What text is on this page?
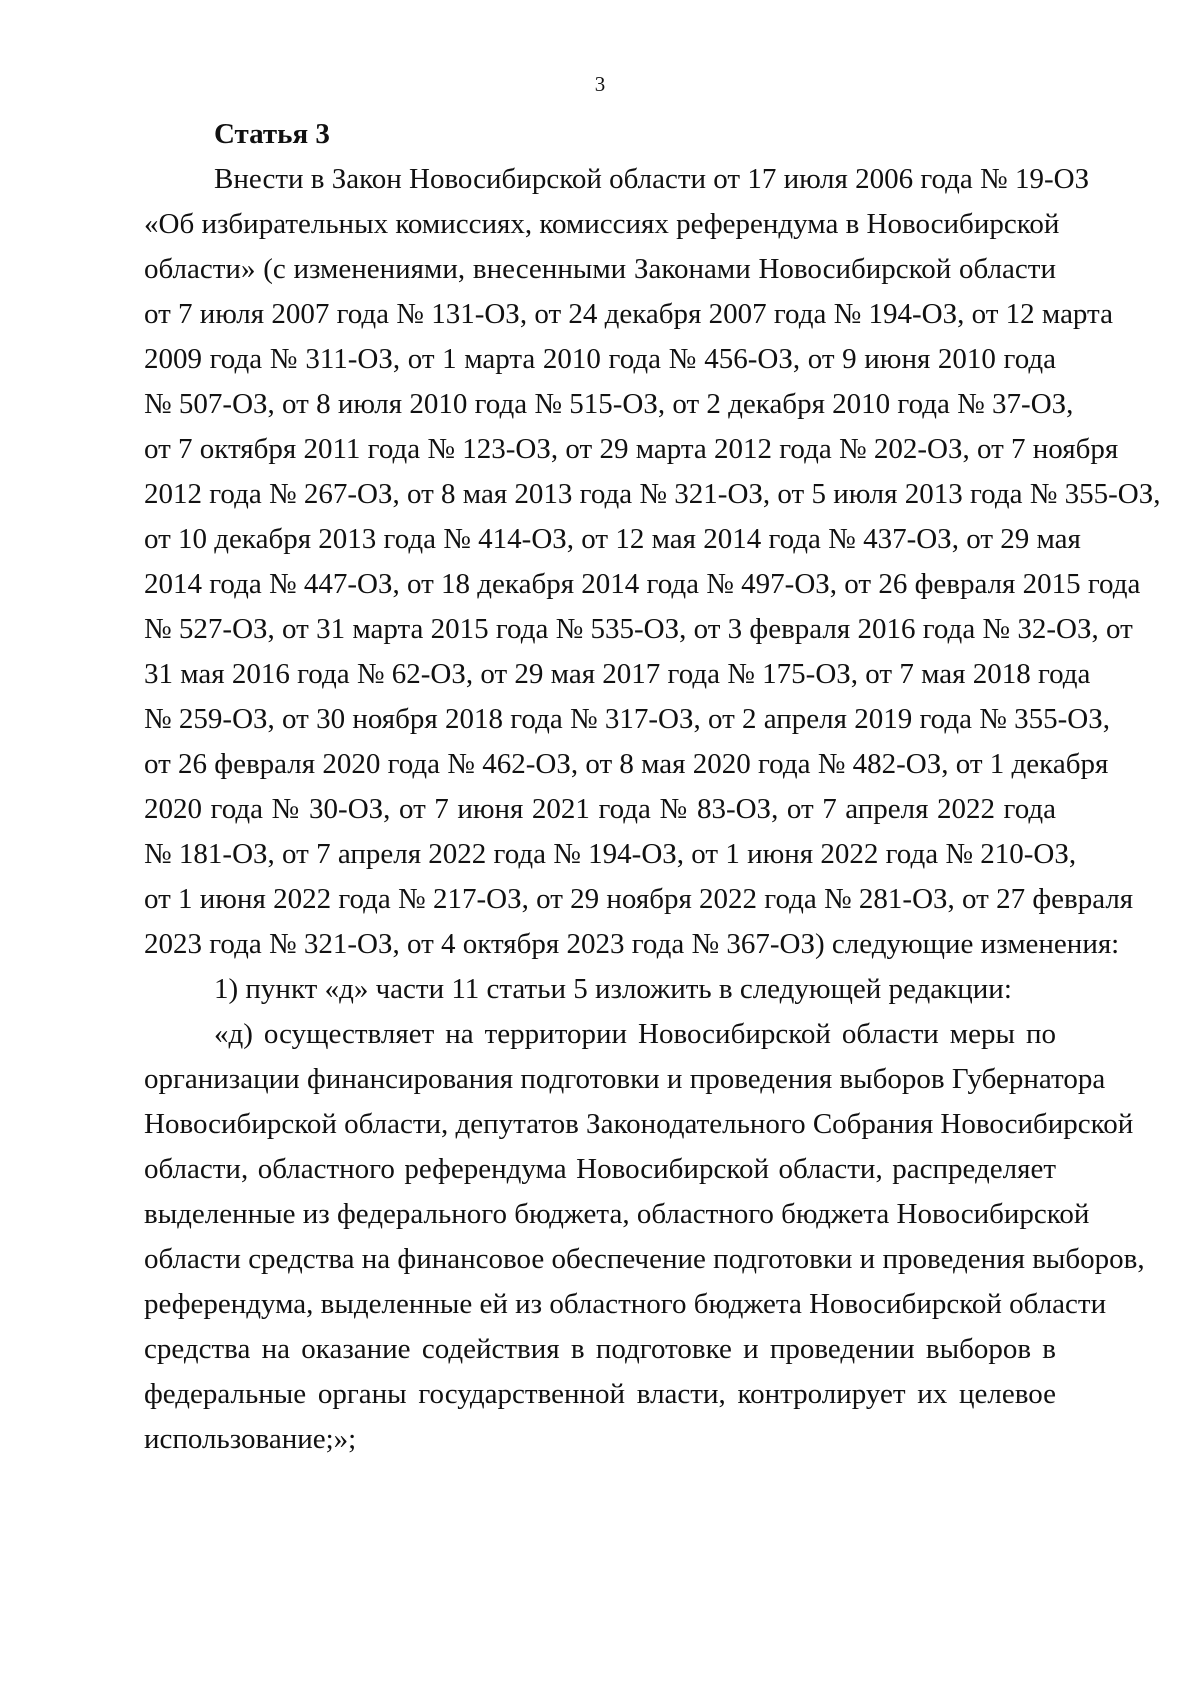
3

Статья 3

Внести в Закон Новосибирской области от 17 июля 2006 года № 19-ОЗ
«Об избирательных комиссиях, комиссиях референдума в Новосибирской
области» (с изменениями, внесенными Законами Новосибирской области
от 7 июля 2007 года № 131-ОЗ, от 24 декабря 2007 года № 194-ОЗ, от 12 марта
2009 года № 311-ОЗ, от 1 марта 2010 года № 456-ОЗ, от 9 июня 2010 года
№ 507-ОЗ, от 8 июля 2010 года № 515-ОЗ, от 2 декабря 2010 года № 37-ОЗ,
от 7 октября 2011 года № 123-ОЗ, от 29 марта 2012 года № 202-ОЗ, от 7 ноября
2012 года № 267-ОЗ, от 8 мая 2013 года № 321-ОЗ, от 5 июля 2013 года № 355-ОЗ,
от 10 декабря 2013 года № 414-ОЗ, от 12 мая 2014 года № 437-ОЗ, от 29 мая
2014 года № 447-ОЗ, от 18 декабря 2014 года № 497-ОЗ, от 26 февраля 2015 года
№ 527-ОЗ, от 31 марта 2015 года № 535-ОЗ, от 3 февраля 2016 года № 32-ОЗ, от
31 мая 2016 года № 62-ОЗ, от 29 мая 2017 года № 175-ОЗ, от 7 мая 2018 года
№ 259-ОЗ, от 30 ноября 2018 года № 317-ОЗ, от 2 апреля 2019 года № 355-ОЗ,
от 26 февраля 2020 года № 462-ОЗ, от 8 мая 2020 года № 482-ОЗ, от 1 декабря
2020 года № 30-ОЗ, от 7 июня 2021 года № 83-ОЗ, от 7 апреля 2022 года
№ 181-ОЗ, от 7 апреля 2022 года № 194-ОЗ, от 1 июня 2022 года № 210-ОЗ,
от 1 июня 2022 года № 217-ОЗ, от 29 ноября 2022 года № 281-ОЗ, от 27 февраля
2023 года № 321-ОЗ, от 4 октября 2023 года № 367-ОЗ) следующие изменения:
1) пункт «д» части 11 статьи 5 изложить в следующей редакции:
«д) осуществляет на территории Новосибирской области меры по
организации финансирования подготовки и проведения выборов Губернатора
Новосибирской области, депутатов Законодательного Собрания Новосибирской
области, областного референдума Новосибирской области, распределяет
выделенные из федерального бюджета, областного бюджета Новосибирской
области средства на финансовое обеспечение подготовки и проведения выборов,
референдума, выделенные ей из областного бюджета Новосибирской области
средства на оказание содействия в подготовке и проведении выборов в
федеральные органы государственной власти, контролирует их целевое
использование;»;
